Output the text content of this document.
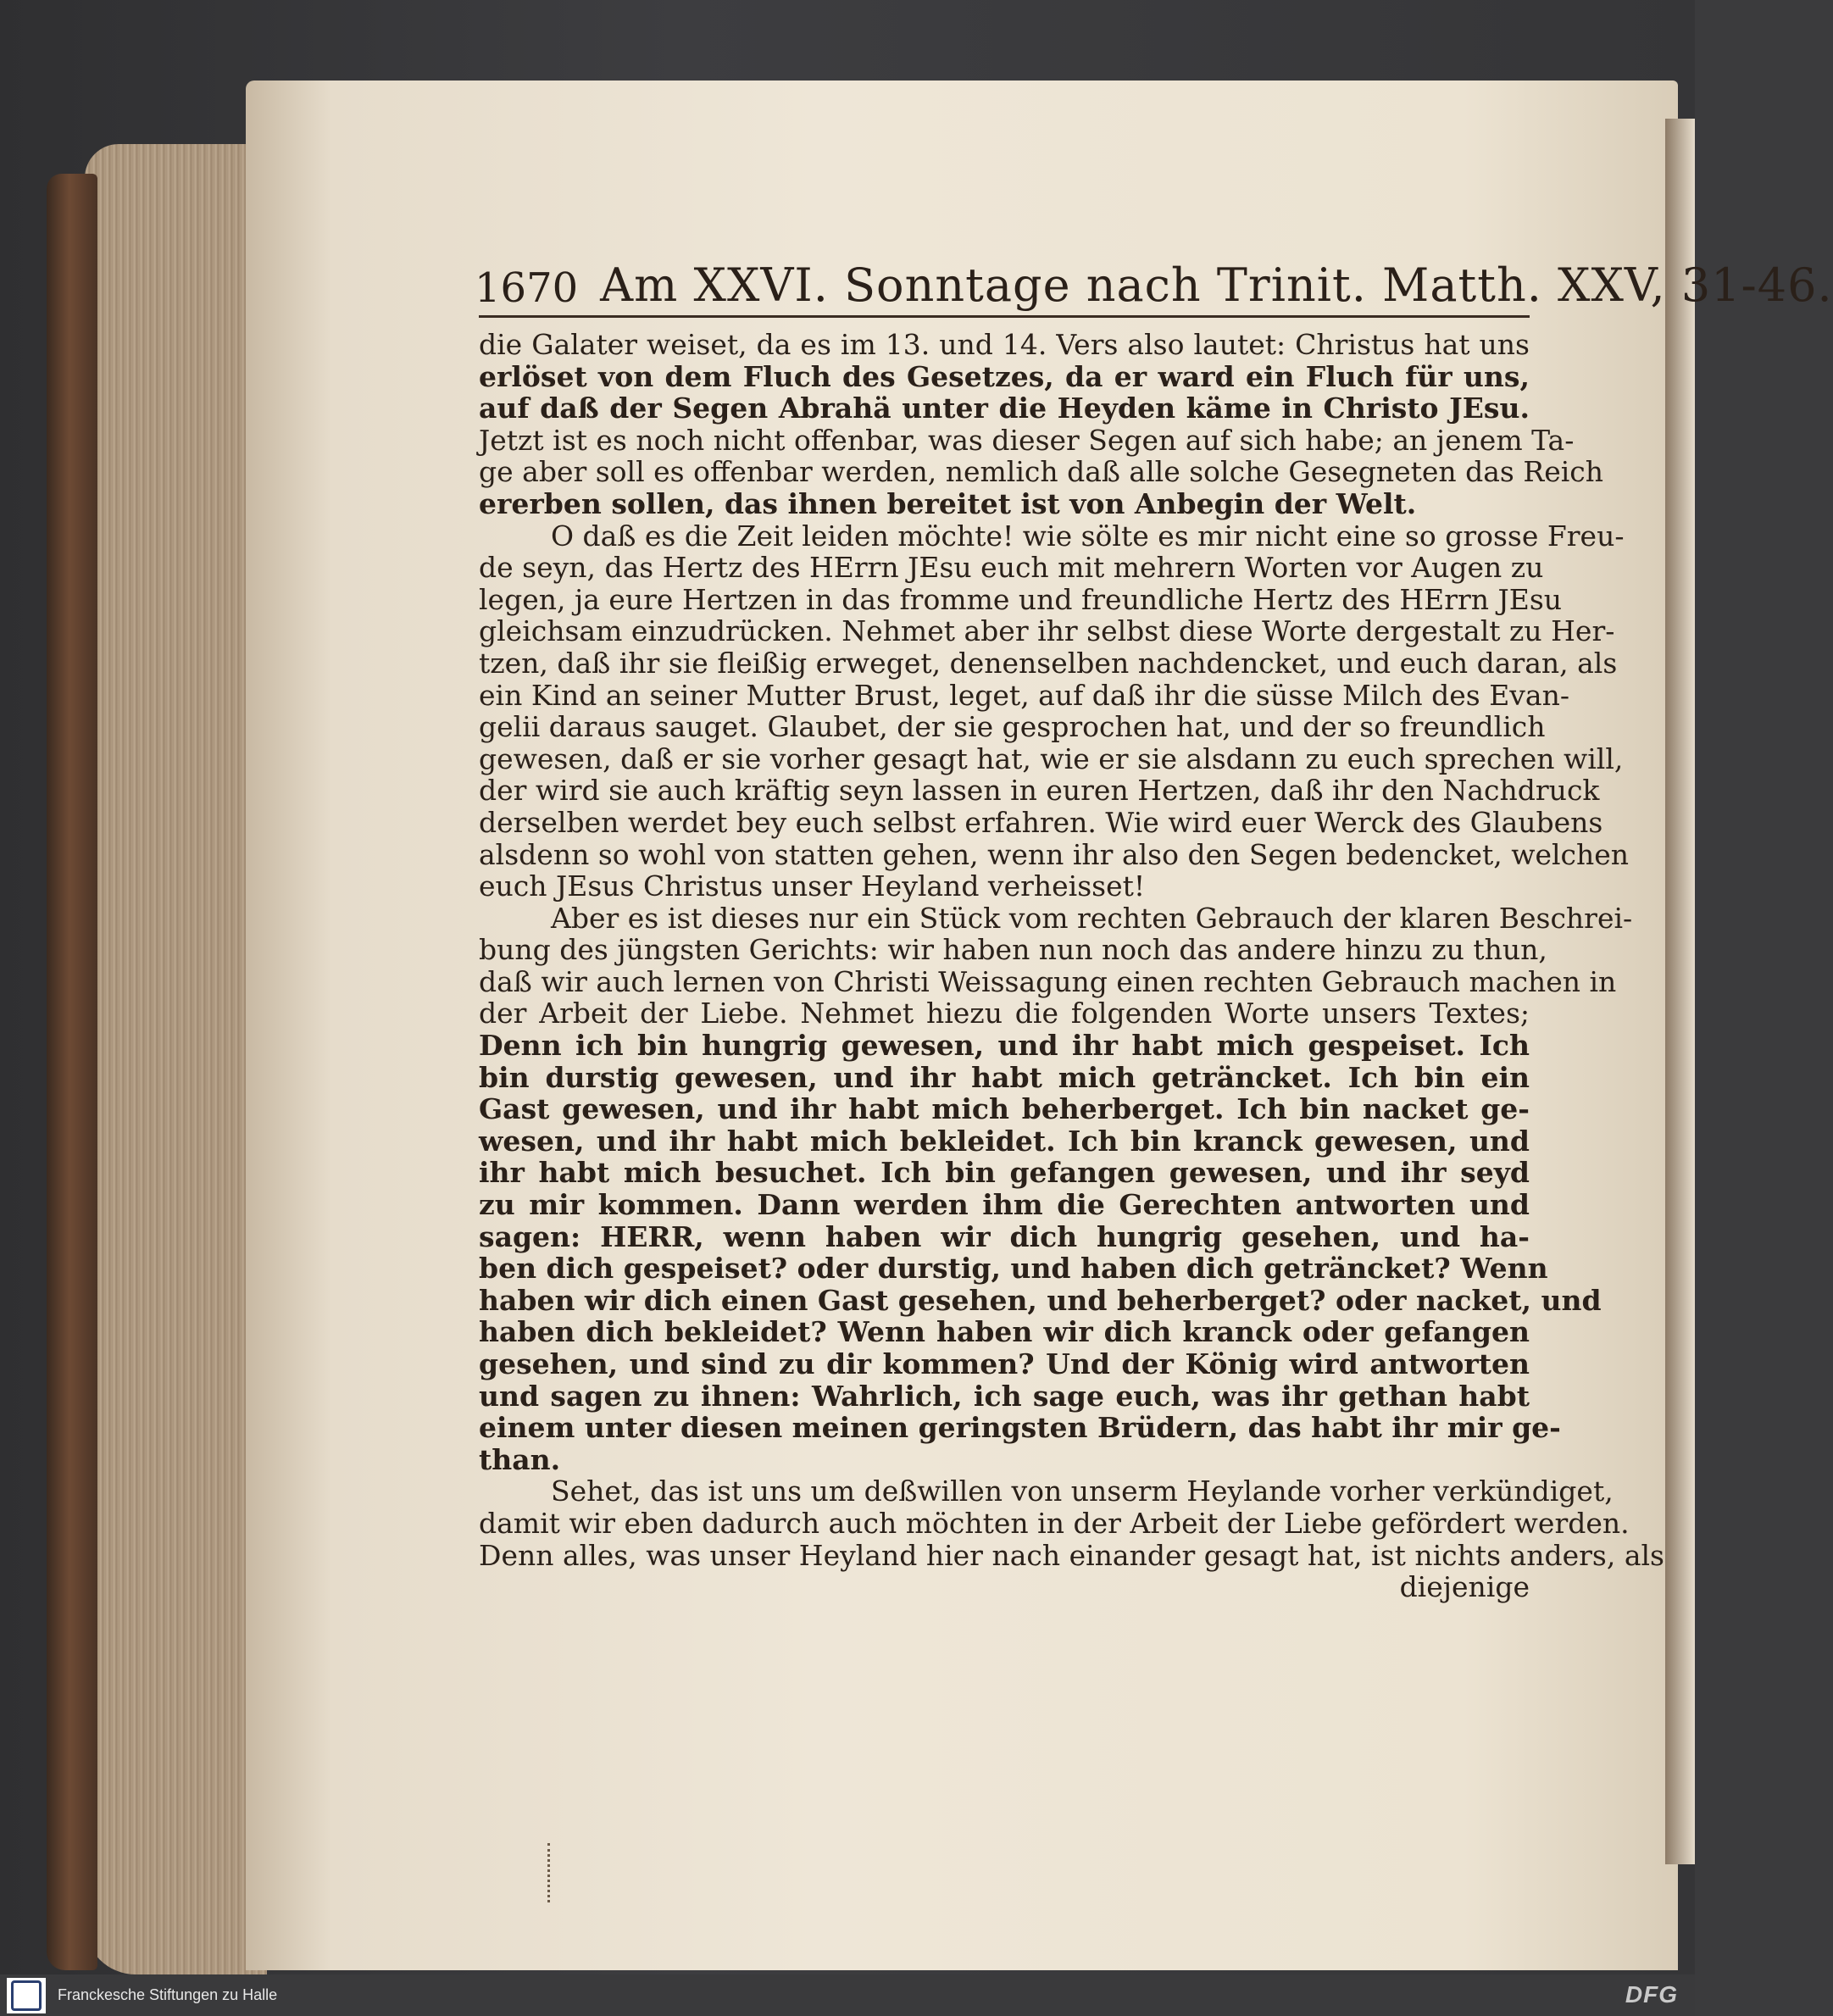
1670 Am XXVI. Sonntage nach Trinit. Matth. XXV, 31-46.
die Galater weiset, da es im 13. und 14. Vers also lautet: Christus hat uns
erlöset von dem Fluch des Gesetzes, da er ward ein Fluch für uns,
auf daß der Segen Abrahä unter die Heyden käme in Christo JEsu.
Jetzt ist es noch nicht offenbar, was dieser Segen auf sich habe; an jenem Ta-
ge aber soll es offenbar werden, nemlich daß alle solche Gesegneten das Reich
ererben sollen, das ihnen bereitet ist von Anbegin der Welt.
O daß es die Zeit leiden möchte! wie sölte es mir nicht eine so grosse Freu-
de seyn, das Hertz des HErrn JEsu euch mit mehrern Worten vor Augen zu
legen, ja eure Hertzen in das fromme und freundliche Hertz des HErrn JEsu
gleichsam einzudrücken. Nehmet aber ihr selbst diese Worte dergestalt zu Her-
tzen, daß ihr sie fleißig erweget, denenselben nachdencket, und euch daran, als
ein Kind an seiner Mutter Brust, leget, auf daß ihr die süsse Milch des Evan-
gelii daraus sauget. Glaubet, der sie gesprochen hat, und der so freundlich
gewesen, daß er sie vorher gesagt hat, wie er sie alsdann zu euch sprechen will,
der wird sie auch kräftig seyn lassen in euren Hertzen, daß ihr den Nachdruck
derselben werdet bey euch selbst erfahren. Wie wird euer Werck des Glaubens
alsdenn so wohl von statten gehen, wenn ihr also den Segen bedencket, welchen
euch JEsus Christus unser Heyland verheisset!
Aber es ist dieses nur ein Stück vom rechten Gebrauch der klaren Beschrei-
bung des jüngsten Gerichts: wir haben nun noch das andere hinzu zu thun,
daß wir auch lernen von Christi Weissagung einen rechten Gebrauch machen in
der Arbeit der Liebe. Nehmet hiezu die folgenden Worte unsers Textes;
Denn ich bin hungrig gewesen, und ihr habt mich gespeiset. Ich
bin durstig gewesen, und ihr habt mich geträncket. Ich bin ein
Gast gewesen, und ihr habt mich beherberget. Ich bin nacket ge-
wesen, und ihr habt mich bekleidet. Ich bin kranck gewesen, und
ihr habt mich besuchet. Ich bin gefangen gewesen, und ihr seyd
zu mir kommen. Dann werden ihm die Gerechten antworten und
sagen: HERR, wenn haben wir dich hungrig gesehen, und ha-
ben dich gespeiset? oder durstig, und haben dich geträncket? Wenn
haben wir dich einen Gast gesehen, und beherberget? oder nacket, und
haben dich bekleidet? Wenn haben wir dich kranck oder gefangen
gesehen, und sind zu dir kommen? Und der König wird antworten
und sagen zu ihnen: Wahrlich, ich sage euch, was ihr gethan habt
einem unter diesen meinen geringsten Brüdern, das habt ihr mir ge-
than.
Sehet, das ist uns um deßwillen von unserm Heylande vorher verkündiget,
damit wir eben dadurch auch möchten in der Arbeit der Liebe gefördert werden.
Denn alles, was unser Heyland hier nach einander gesagt hat, ist nichts anders, als
diejenige
Franckesche Stiftungen zu Halle	DFG
